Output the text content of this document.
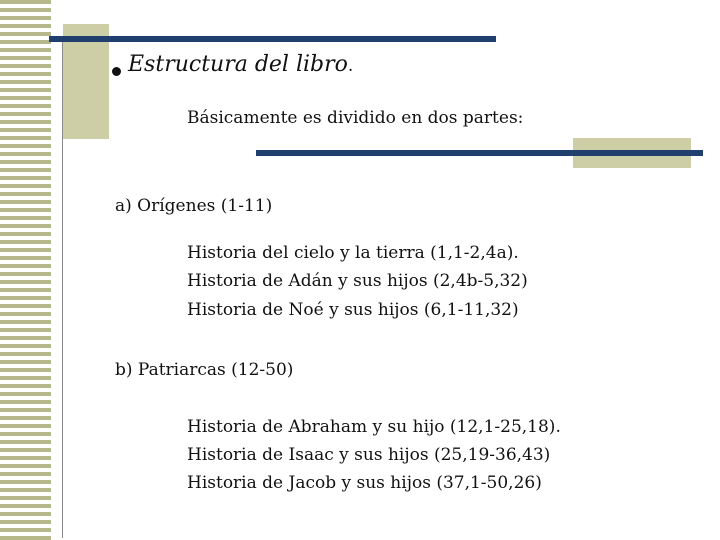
Estructura del libro.
Básicamente es dividido en dos partes:
a) Orígenes (1-11)
Historia del cielo y la tierra (1,1-2,4a).
Historia de Adán y sus hijos (2,4b-5,32)
Historia de Noé y sus hijos (6,1-11,32)
b) Patriarcas (12-50)
Historia de Abraham y su hijo (12,1-25,18).
Historia de Isaac y sus hijos (25,19-36,43)
Historia de Jacob y sus hijos (37,1-50,26)
